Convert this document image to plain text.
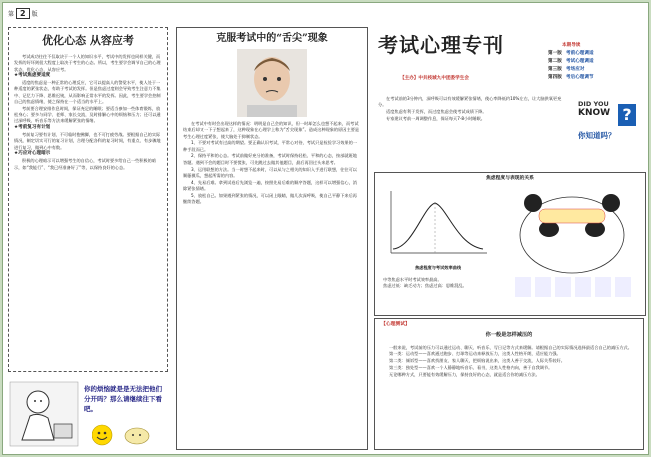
第 2 版
优化心态 从容应考

考试成功往往不仅取决于一个人的知识水平，考试中的发挥也同样关键，而发挥的好坏则很大程度上取决于考生的心态。所以，考生要学会调节自己的心理状态，优化心态，从容应考。

★考试焦虑要适度

适度的焦虑是一种正常的心理反应，它可以提高人的警觉水平，使人处于一种适度的紧张状态，有助于考试的发挥。但是焦虑过度则会导致考生注意力不集中、记忆力下降、思维迟钝，从而影响正常水平的发挥。因此，考生要学会控制自己的焦虑情绪，使之保持在一个适当的水平上。

考前要合理安排作息时间，保证充足的睡眠；要适当参加一些体育锻炼，放松身心；要多与同学、老师、家长交流，及时排解心中的烦恼和压力；还可以通过深呼吸、听音乐等方法来缓解紧张的情绪。

★考前复习有计划

考前复习要有计划，不可临时抱佛脚，也不可打疲劳战。要根据自己的实际情况，制定切实可行的复习计划，合理分配各科的复习时间，有重点、有步骤地进行复习，做到心中有数。

★巧应对心理暗示

积极的心理暗示可以增强考生的自信心，考试时要多给自己一些积极的暗示，如“我能行”、“我已经准备好了”等，以保持良好的心态。

你的烦恼就是是无法把他们分开吗？那么请继续往下看吧。
克服考试中的“舌尖”现象

在考试中有时会出现这样的情况：明明是自己会的知识，但一时却怎么也想不起来，而考试结束后却又一下子想起来了，这种现象在心理学上称为“舌尖现象”。造成这种现象的原因主要是考生心理过度紧张，使大脑处于抑制状态。

1、不要对考试有过高的期望。要正确认识考试，平常心对待，考试只是检验学习效果的一种手段而已。

2、保持平和的心态。考试前做好充分的准备，考试时保持轻松、平和的心态，按部就班地答题。遇到不会的题目时不要慌张，可先跳过去做其他题目，最后再回过头来思考。

3、运用联想的方法。当一时想不起来时，可以从与之相关的知识入手进行联想，往往可以顺藤摸瓜，想起所需的内容。

4、先易后难。拿到试卷后先浏览一遍，按照先易后难的顺序答题，这样可以增强信心，消除紧张情绪。

5、放松自己。如果遇到紧张的情况，可以闭上眼睛，做几次深呼吸，使自己平静下来后再继续答题。

考试心理专刊
【主办】中共枝城九中团委学生会
本期导读
第一版 考前心理调适
第二版 考试心理调适
第三版 考场应对
第四版 考后心理调节

在考试前的3分钟内，深呼吸可以有效缓解紧张情绪，使心率降低约10%左右，让大脑供氧更充分。

适度焦虑有利于发挥，而过度焦虑会使考试成绩下降。

专家建议考前一周调整作息，保证每天7-8小时睡眠。

DID YOU
KNOW ?
你知道吗？
焦虑程度与表现的关系
焦虑程度与考试效率曲线
中等焦虑水平时考试效率最高。
焦虑过低：缺乏动力；焦虑过高：思维混乱。
【心理测试】
你一般是怎样减压的

一般来说，考试前的压力可以通过运动、聊天、听音乐、写日记等方式来缓解。请根据自己的实际情况选择最适合自己的减压方式。

第一类：运动型——喜欢通过跑步、打球等运动来释放压力，这类人性格开朗，适应能力强。

第二类：倾诉型——喜欢找朋友、家人聊天，把烦恼说出来，这类人善于交流，人际关系较好。

第三类：独处型——喜欢一个人静静地听音乐、看书，这类人性格内向，善于自我调节。

无论哪种方式，只要能有效缓解压力，保持良好的心态，就是适合你的减压方法。
